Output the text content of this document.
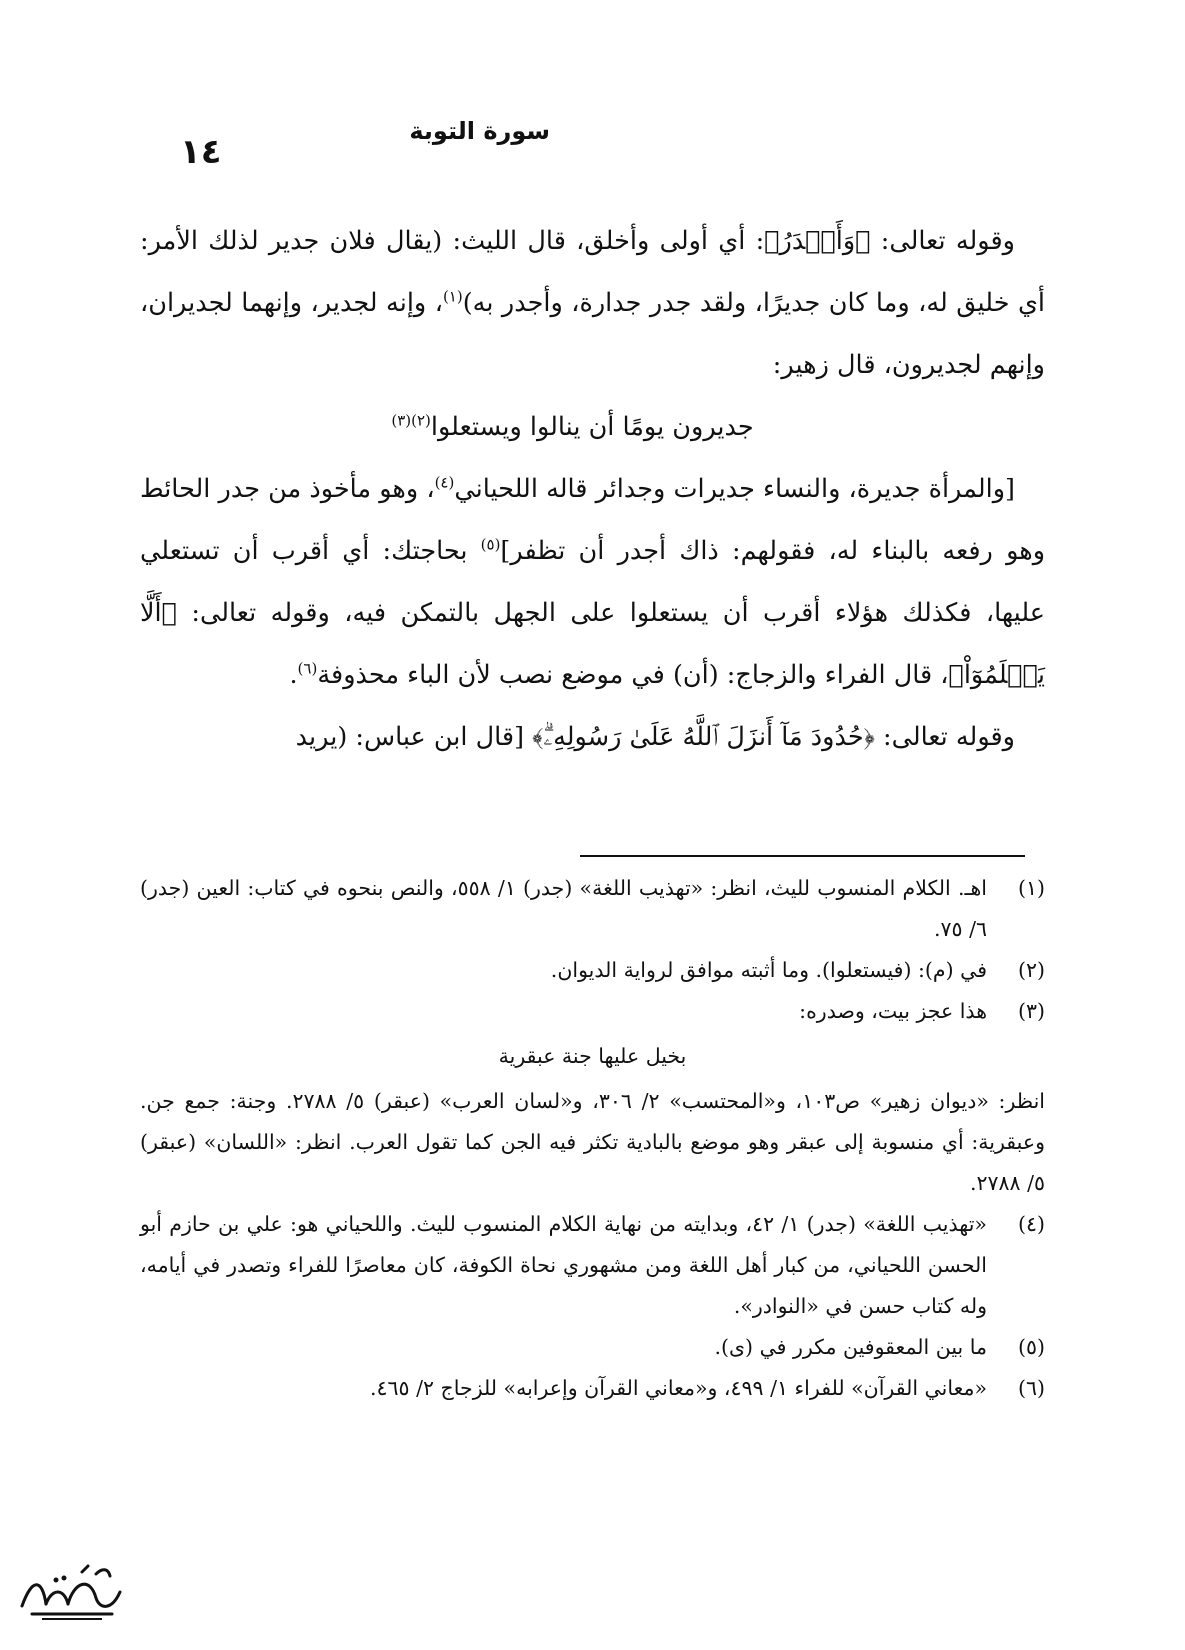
سورة التوبة
١٤

وقوله تعالى: ﴿وَأَجۡدَرُ﴾: أي أولى وأخلق، قال الليث: (يقال فلان جدير لذلك الأمر: أي خليق له، وما كان جديرًا، ولقد جدر جدارة، وأجدر به)$^{(١)}$، وإنه لجدير، وإنهما لجديران، وإنهم لجديرون، قال زهير:

جديرون يومًا أن ينالوا ويستعلوا$^{(٢)(٣)}$

[والمرأة جديرة، والنساء جديرات وجدائر قاله اللحياني$^{(٤)}$، وهو مأخوذ من جدر الحائط وهو رفعه بالبناء له، فقولهم: ذاك أجدر أن تظفر]$^{(٥)}$ بحاجتك: أي أقرب أن تستعلي عليها، فكذلك هؤلاء أقرب أن يستعلوا على الجهل بالتمكن فيه، وقوله تعالى: ﴿أَلَّا يَعۡلَمُوٓاْ﴾، قال الفراء والزجاج: (أن) في موضع نصب لأن الباء محذوفة$^{(٦)}$.

وقوله تعالى: ﴿حُدُودَ مَآ أَنزَلَ ٱللَّهُ عَلَىٰ رَسُولِهِۦۗ﴾ [قال ابن عباس: (يريد

(١)
اهـ. الكلام المنسوب لليث، انظر: «تهذيب اللغة» (جدر) ١/ ٥٥٨، والنص بنحوه في كتاب: العين (جدر) ٦/ ٧٥.
(٢)
في (م): (فيستعلوا). وما أثبته موافق لرواية الديوان.
(٣)
هذا عجز بيت، وصدره:
بخيل عليها جنة عبقرية
انظر: «ديوان زهير» ص١٠٣، و«المحتسب» ٢/ ٣٠٦، و«لسان العرب» (عبقر) ٥/ ٢٧٨٨. وجنة: جمع جن. وعبقرية: أي منسوبة إلى عبقر وهو موضع بالبادية تكثر فيه الجن كما تقول العرب. انظر: «اللسان» (عبقر) ٥/ ٢٧٨٨.
(٤)
«تهذيب اللغة» (جدر) ١/ ٤٢، وبدايته من نهاية الكلام المنسوب لليث. واللحياني هو: علي بن حازم أبو الحسن اللحياني، من كبار أهل اللغة ومن مشهوري نحاة الكوفة، كان معاصرًا للفراء وتصدر في أيامه، وله كتاب حسن في «النوادر».
(٥)
ما بين المعقوفين مكرر في (ى).
(٦)
«معاني القرآن» للفراء ١/ ٤٩٩، و«معاني القرآن وإعرابه» للزجاج ٢/ ٤٦٥.
